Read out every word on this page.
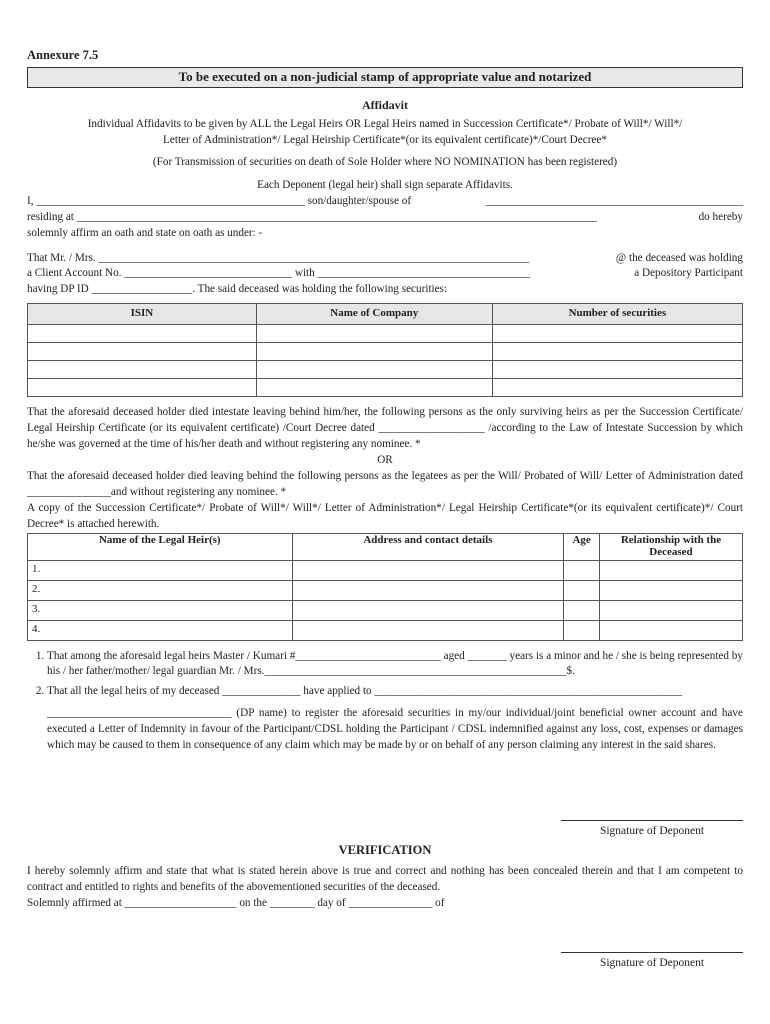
Annexure 7.5
To be executed on a non-judicial stamp of appropriate value and notarized
Affidavit
Individual Affidavits to be given by ALL the Legal Heirs OR Legal Heirs named in Succession Certificate*/ Probate of Will*/ Will*/
Letter of Administration*/ Legal Heirship Certificate*(or its equivalent certificate)*/Court Decree*
(For Transmission of securities on death of Sole Holder where NO NOMINATION has been registered)
Each Deponent (legal heir) shall sign separate Affidavits.
I, ________________________________________________ son/daughter/spouse of	______________________________________________
residing at _____________________________________________________________________________________________	do hereby
solemnly affirm an oath and state on oath as under: -
That Mr. / Mrs. _____________________________________________________________________________	@ the deceased was holding
a Client Account No. ______________________________ with ______________________________________	a Depository Participant
having DP ID __________________. The said deceased was holding the following securities:
ISIN	Name of Company	Number of securities

That the aforesaid deceased holder died intestate leaving behind him/her, the following persons as the only surviving heirs as per the Succession Certificate/ Legal Heirship Certificate (or its equivalent certificate) /Court Decree dated ___________________ /according to the Law of Intestate Succession by which he/she was governed at the time of his/her death and without registering any nominee. *
OR
That the aforesaid deceased holder died leaving behind the following persons as the legatees as per the Will/ Probated of Will/ Letter of Administration dated _______________and without registering any nominee. *
A copy of the Succession Certificate*/ Probate of Will*/ Will*/ Letter of Administration*/ Legal Heirship Certificate*(or its equivalent certificate)*/ Court Decree* is attached herewith.
Name of the Legal Heir(s)	Address and contact details	Age	Relationship with the Deceased
1.			
2.			
3.			
4.			
1. That among the aforesaid legal heirs Master / Kumari #__________________________ aged _______ years is a minor and he / she is being represented by his / her father/mother/ legal guardian Mr. / Mrs.______________________________________________________$.
2. That all the legal heirs of my deceased ______________ have applied to _______________________________________________________
_________________________________ (DP name) to register the aforesaid securities in my/our individual/joint beneficial owner account and have executed a Letter of Indemnity in favour of the Participant/CDSL holding the Participant / CDSL indemnified against any loss, cost, expenses or damages which may be caused to them in consequence of any claim which may be made by or on behalf of any person claiming any interest in the said shares.
Signature of Deponent
VERIFICATION
I hereby solemnly affirm and state that what is stated herein above is true and correct and nothing has been concealed therein and that I am competent to contract and entitled to rights and benefits of the abovementioned securities of the deceased.
Solemnly affirmed at ____________________ on the ________ day of _______________ of
Signature of Deponent
